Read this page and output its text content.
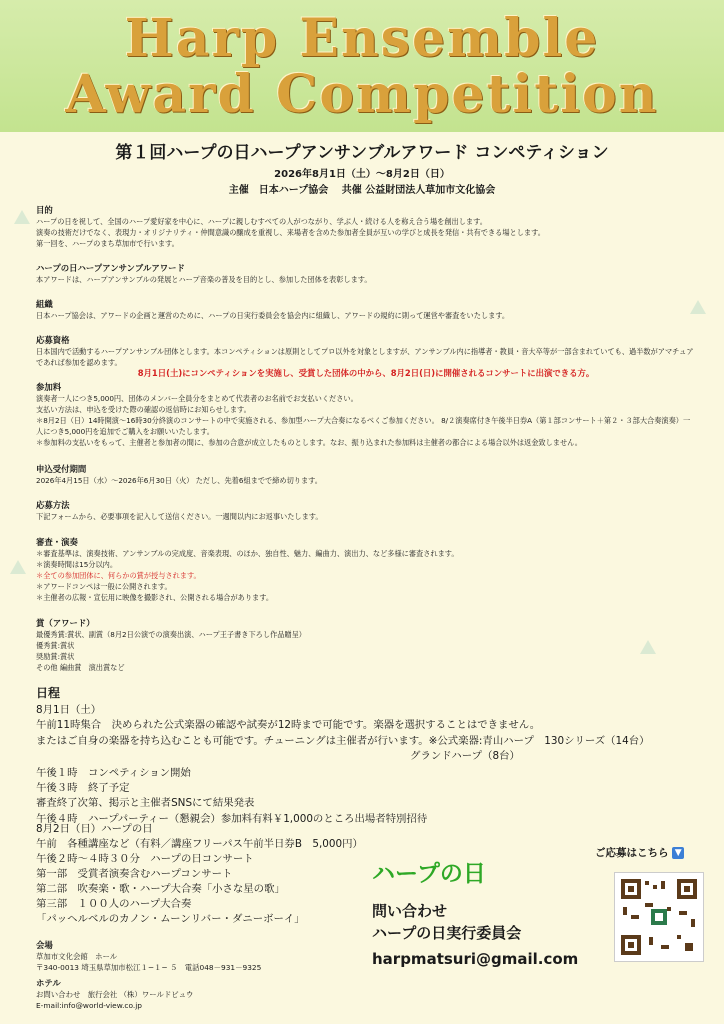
Harp Ensemble
Award Competition
第１回ハープの日ハープアンサンブルアワード コンペティション
2026年8月1日（土）～8月2日（日）
主催　日本ハープ協会　 共催 公益財団法人草加市文化協会
目的

ハープの日を祝して、全国のハープ愛好家を中心に、ハープに親しむすべての人がつながり、学ぶ人・続ける人を称え合う場を創出します。
演奏の技術だけでなく、表現力・オリジナリティ・仲間意識の醸成を重視し、来場者を含めた参加者全員が互いの学びと成長を発信・共有できる場とします。
第一回を、ハープのまち草加市で行います。

ハープの日ハープアンサンブルアワード

本アワードは、ハープアンサンブルの発展とハープ音楽の普及を目的とし、参加した団体を表彰します。

組織

日本ハープ協会は、アワードの企画と運営のために、ハープの日実行委員会を協会内に組織し、アワードの規約に則って運営や審査をいたします。

応募資格

日本国内で活動するハープアンサンブル団体とします。本コンペティションは原則としてプロ以外を対象としますが、アンサンブル内に指導者・教員・音大卒等が一部含まれていても、過半数がアマチュアであれば参加を認めます。

8月1日(土)にコンペティションを実施し、受賞した団体の中から、8月2日(日)に開催されるコンサートに出演できる方。

参加料

演奏者一人につき5,000円、団体のメンバー全員分をまとめて代表者のお名前でお支払いください。
支払い方法は、申込を受けた際の確認の返信時にお知らせします。
＊8月2日（日）14時開演～16時30分終演のコンサートの中で実施される、参加型ハープ大合奏になるべくご参加ください。 8/２演奏席付き午後半日券A（第１部コンサート＋第２・３部大合奏演奏）一人につき5,000円を追加でご購入をお願いいたします。
＊参加料の支払いをもって、主催者と参加者の間に、参加の合意が成立したものとします。なお、振り込まれた参加料は主催者の都合による場合以外は返金致しません。

申込受付期間

2026年4月15日（水）～2026年6月30日（火） ただし、先着6組までで締め切ります。

応募方法

下記フォームから、必要事項を記入して送信ください。一週間以内にお返事いたします。

審査・演奏

＊審査基準は、演奏技術、アンサンブルの完成度、音楽表現、のほか、独自性、魅力、編曲力、演出力、など多様に審査されます。

＊演奏時間は15分以内。

＊全ての参加団体に、何らかの賞が授与されます。

＊アワードコンペは一般に公開されます。

＊主催者の広報・宣伝用に映像を撮影され、公開される場合があります。

賞（アワード）

最優秀賞:賞状、副賞（8月2日公演での演奏出演、ハープ王子書き下ろし作品贈呈）
優秀賞:賞状
奨励賞:賞状
その他 編曲賞　演出賞など

日程

8月1日（土）
午前11時集合　決められた公式楽器の確認や試奏が12時まで可能です。楽器を選択することはできません。
またはご自身の楽器を持ち込むことも可能です。チューニングは主催者が行います。※公式楽器:青山ハープ　130シリーズ（14台）
　　　　　　　　　　　　　　　　　　　　　　　　　　　　　　　　　　　　グランドハープ（8台）

午後１時　コンペティション開始
午後３時　終了予定
審査終了次第、掲示と主催者SNSにて結果発表
午後４時　ハープパーティー（懇親会）参加料有料￥1,000のところ出場者特別招待

8月2日（日）ハープの日
午前　各種講座など（有料／講座フリーパス午前半日券B　5,000円）
午後２時～４時３０分　ハープの日コンサート
第一部　受賞者演奏含むハープコンサート
第二部　吹奏楽・歌・ハープ大合奏「小さな星の歌」
第三部　１００人のハープ大合奏
「パッヘルベルのカノン・ムーンリバー・ダニーボーイ」

会場

草加市文化会館　ホール
〒340-0013 埼玉県草加市松江１−１− ５　電話048－931－9325

ホテル

お問い合わせ　旅行会社 （株）ワールドビュウ
E-mail:info@world-view.co.jp

ハープの日
問い合わせ
ハープの日実行委員会
harpmatsuri@gmail.com
ご応募はこちら ▼
